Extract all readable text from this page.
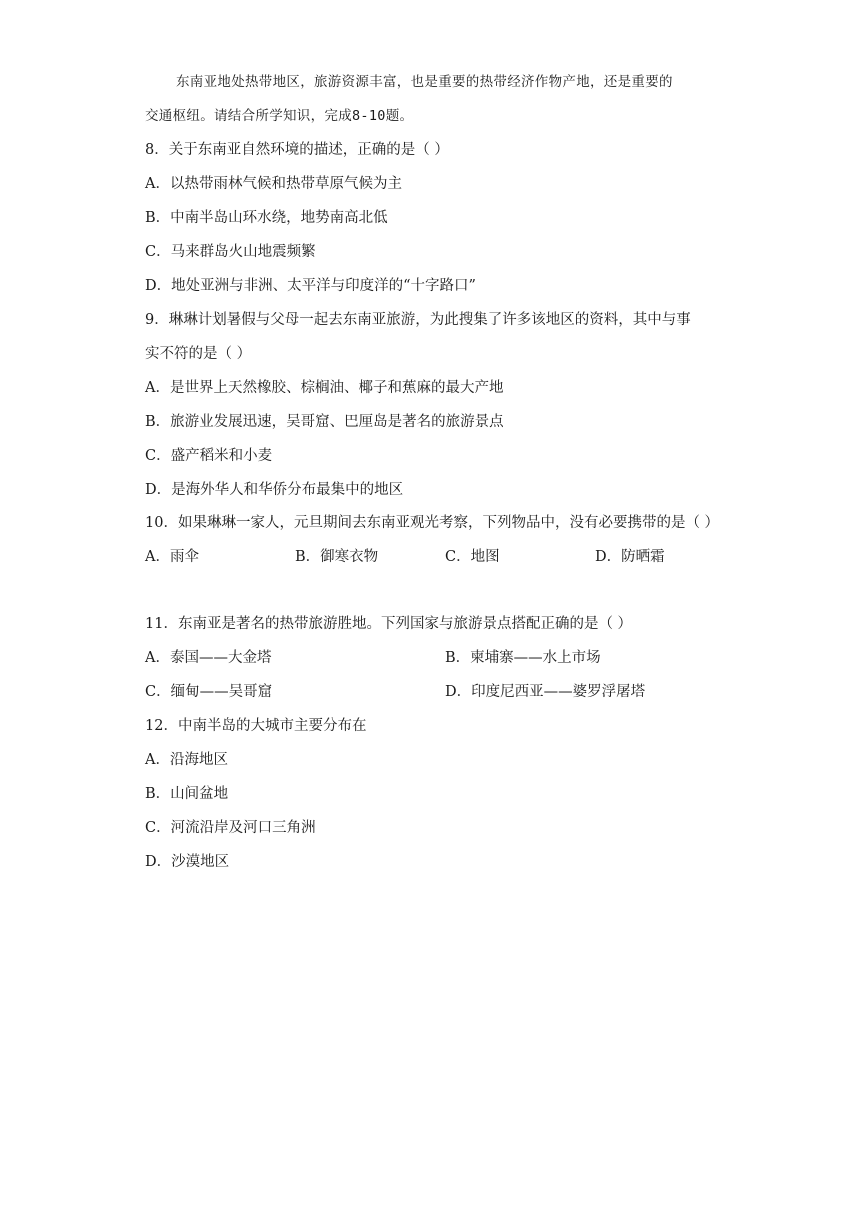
东南亚地处热带地区，旅游资源丰富，也是重要的热带经济作物产地，还是重要的
交通枢纽。请结合所学知识，完成8-10题。
8．关于东南亚自然环境的描述，正确的是（ ）
A．以热带雨林气候和热带草原气候为主
B．中南半岛山环水绕，地势南高北低
C．马来群岛火山地震频繁
D．地处亚洲与非洲、太平洋与印度洋的“十字路口”
9．琳琳计划暑假与父母一起去东南亚旅游，为此搜集了许多该地区的资料，其中与事
实不符的是（ ）
A．是世界上天然橡胶、棕榈油、椰子和蕉麻的最大产地
B．旅游业发展迅速，吴哥窟、巴厘岛是著名的旅游景点
C．盛产稻米和小麦
D．是海外华人和华侨分布最集中的地区
10．如果琳琳一家人，元旦期间去东南亚观光考察，下列物品中，没有必要携带的是（ ）
A．雨伞	B．御寒衣物	C．地图	D．防晒霜
11．东南亚是著名的热带旅游胜地。下列国家与旅游景点搭配正确的是（ ）
A．泰国——大金塔	B．柬埔寨——水上市场
C．缅甸——吴哥窟	D．印度尼西亚——婆罗浮屠塔
12．中南半岛的大城市主要分布在
A．沿海地区
B．山间盆地
C．河流沿岸及河口三角洲
D．沙漠地区
